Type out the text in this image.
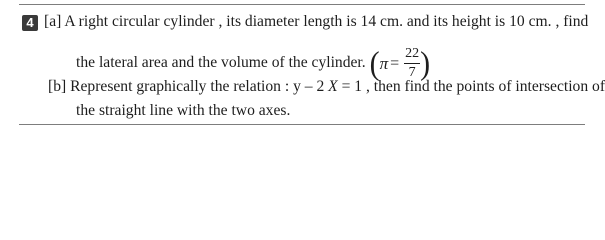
4 [a] A right circular cylinder , its diameter length is 14 cm. and its height is 10 cm. , find
the lateral area and the volume of the cylinder. ($\pi = \frac{22}{7}$ )
[b] Represent graphically the relation : y – 2 X = 1 , then find the points of intersection of
the straight line with the two axes.
